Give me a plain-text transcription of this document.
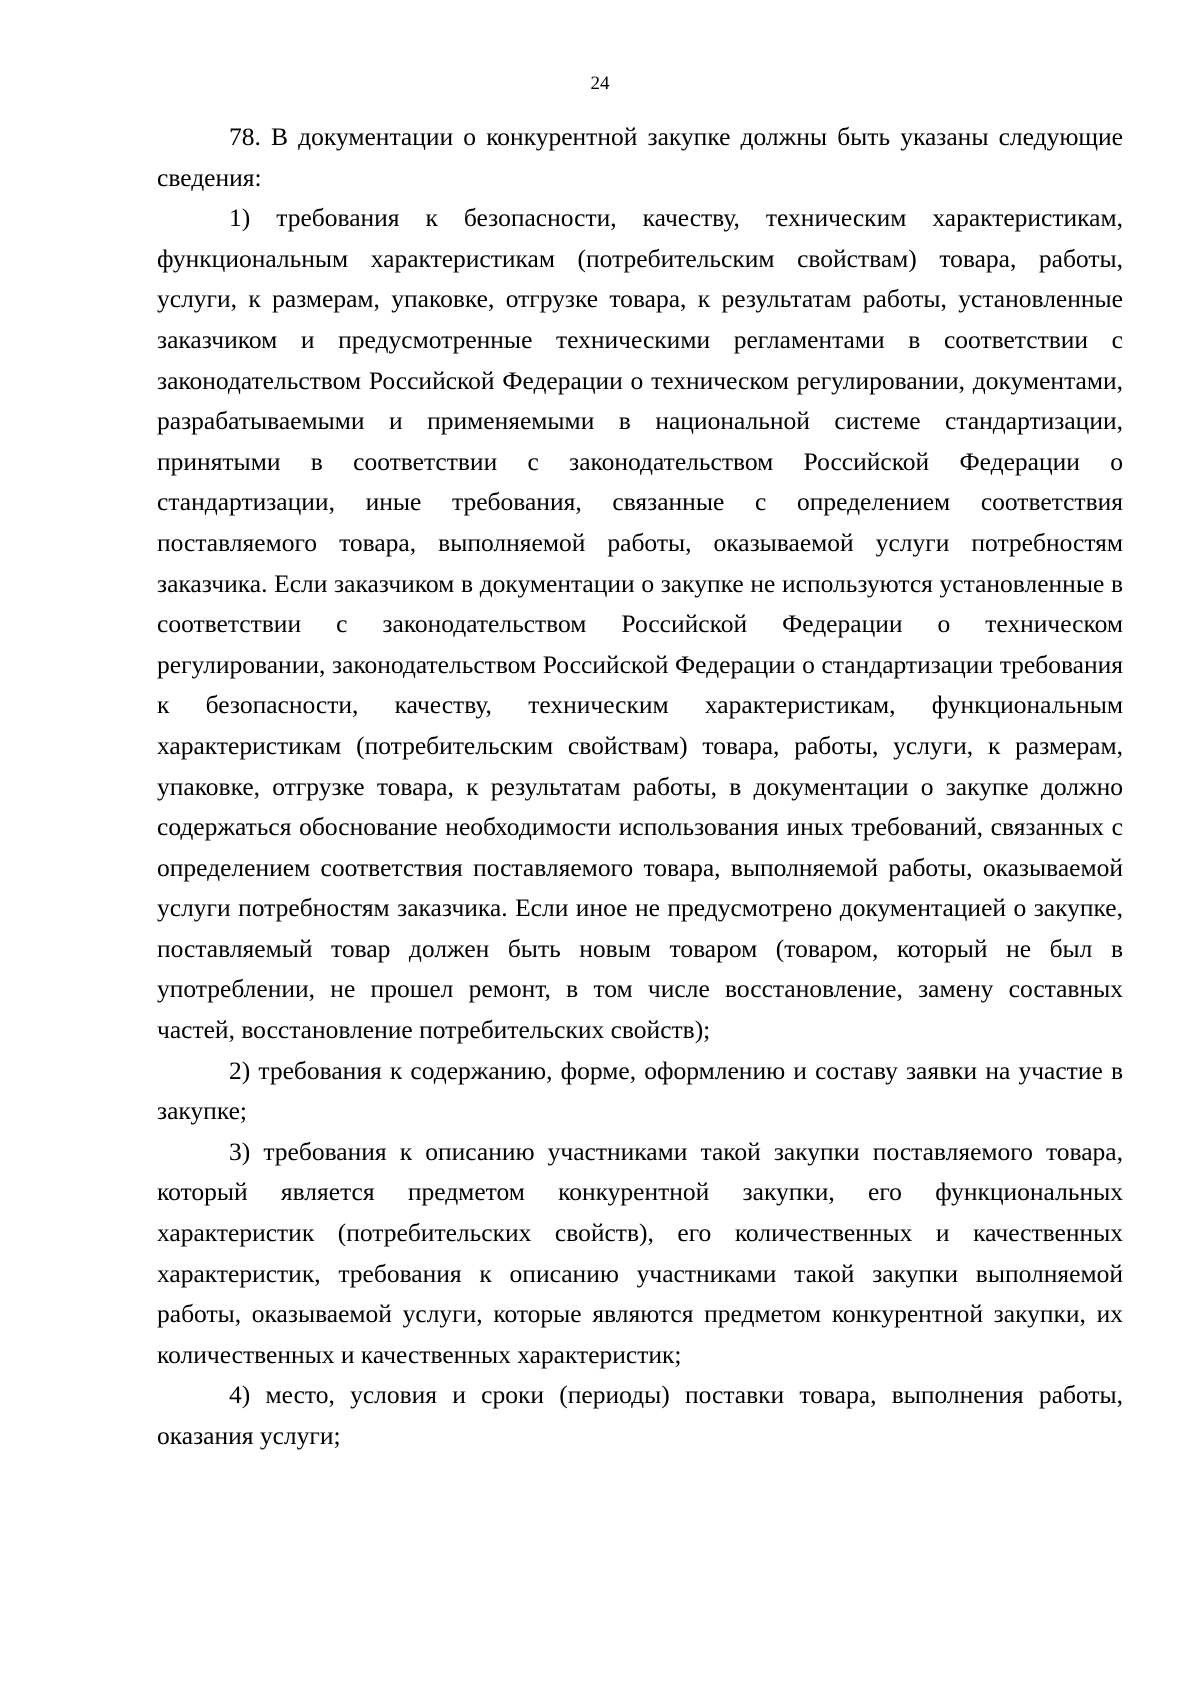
24

78. В документации о конкурентной закупке должны быть указаны следующие сведения:

1) требования к безопасности, качеству, техническим характеристикам, функциональным характеристикам (потребительским свойствам) товара, работы, услуги, к размерам, упаковке, отгрузке товара, к результатам работы, установленные заказчиком и предусмотренные техническими регламентами в соответствии с законодательством Российской Федерации о техническом регулировании, документами, разрабатываемыми и применяемыми в национальной системе стандартизации, принятыми в соответствии с законодательством Российской Федерации о стандартизации, иные требования, связанные с определением соответствия поставляемого товара, выполняемой работы, оказываемой услуги потребностям заказчика. Если заказчиком в документации о закупке не используются установленные в соответствии с законодательством Российской Федерации о техническом регулировании, законодательством Российской Федерации о стандартизации требования к безопасности, качеству, техническим характеристикам, функциональным характеристикам (потребительским свойствам) товара, работы, услуги, к размерам, упаковке, отгрузке товара, к результатам работы, в документации о закупке должно содержаться обоснование необходимости использования иных требований, связанных с определением соответствия поставляемого товара, выполняемой работы, оказываемой услуги потребностям заказчика. Если иное не предусмотрено документацией о закупке, поставляемый товар должен быть новым товаром (товаром, который не был в употреблении, не прошел ремонт, в том числе восстановление, замену составных частей, восстановление потребительских свойств);

2) требования к содержанию, форме, оформлению и составу заявки на участие в закупке;

3) требования к описанию участниками такой закупки поставляемого товара, который является предметом конкурентной закупки, его функциональных характеристик (потребительских свойств), его количественных и качественных характеристик, требования к описанию участниками такой закупки выполняемой работы, оказываемой услуги, которые являются предметом конкурентной закупки, их количественных и качественных характеристик;

4) место, условия и сроки (периоды) поставки товара, выполнения работы, оказания услуги;
